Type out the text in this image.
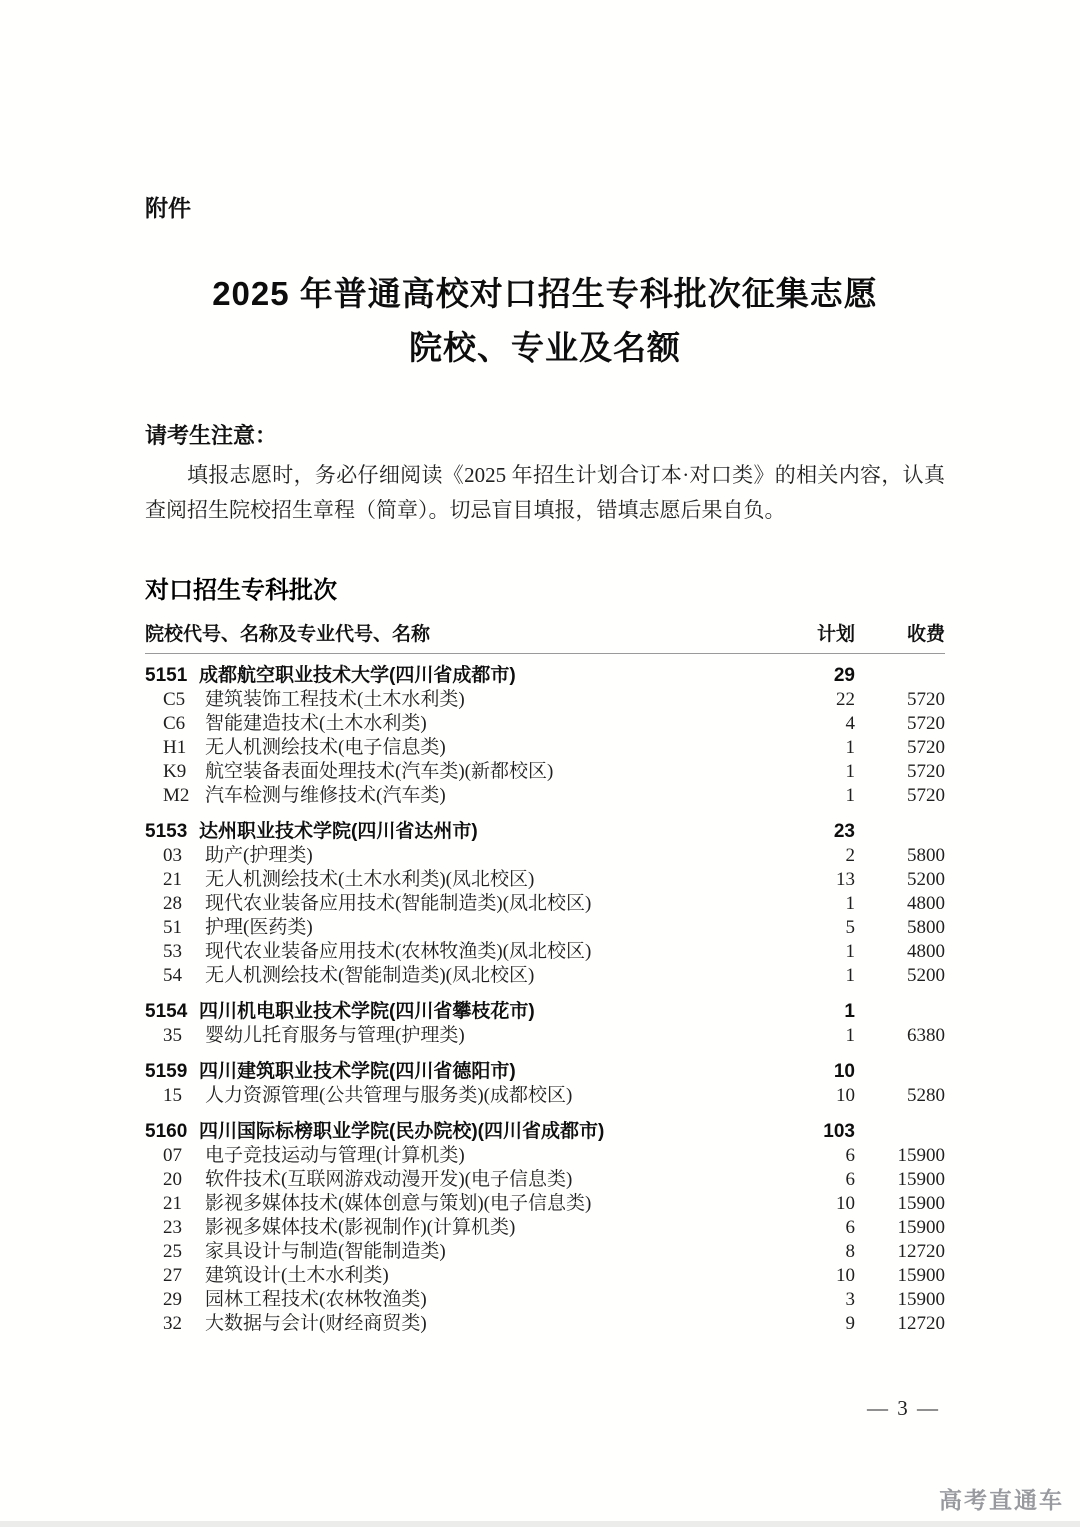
附件
2025 年普通高校对口招生专科批次征集志愿
院校、专业及名额
请考生注意：

填报志愿时，务必仔细阅读《2025 年招生计划合订本·对口类》的相关内容，认真查阅招生院校招生章程（简章）。切忌盲目填报，错填志愿后果自负。

对口招生专科批次
院校代号、名称及专业代号、名称	计划	收费
5151 成都航空职业技术大学(四川省成都市)	29
C5	建筑装饰工程技术(土木水利类)	22	5720
C6	智能建造技术(土木水利类)	4	5720
H1 无人机测绘技术(电子信息类)	1	5720
K9 航空装备表面处理技术(汽车类)(新都校区)	1	5720
M2 汽车检测与维修技术(汽车类)	1	5720
5153 达州职业技术学院(四川省达州市)	23
03	助产(护理类)	2	5800
21	无人机测绘技术(土木水利类)(凤北校区)	13	5200
28	现代农业装备应用技术(智能制造类)(凤北校区)	1	4800
51	护理(医药类)	5	5800
53	现代农业装备应用技术(农林牧渔类)(凤北校区)	1	4800
54	无人机测绘技术(智能制造类)(凤北校区)	1	5200
5154 四川机电职业技术学院(四川省攀枝花市)	1
35	婴幼儿托育服务与管理(护理类)	1	6380
5159 四川建筑职业技术学院(四川省德阳市)	10
15	人力资源管理(公共管理与服务类)(成都校区)	10	5280
5160 四川国际标榜职业学院(民办院校)(四川省成都市)	103
07	电子竞技运动与管理(计算机类)	6	15900
20	软件技术(互联网游戏动漫开发)(电子信息类)	6	15900
21	影视多媒体技术(媒体创意与策划)(电子信息类)	10	15900
23	影视多媒体技术(影视制作)(计算机类)	6	15900
25	家具设计与制造(智能制造类)	8	12720
27	建筑设计(土木水利类)	10	15900
29	园林工程技术(农林牧渔类)	3	15900
32	大数据与会计(财经商贸类)	9	12720
— 3 —
高考直通车
